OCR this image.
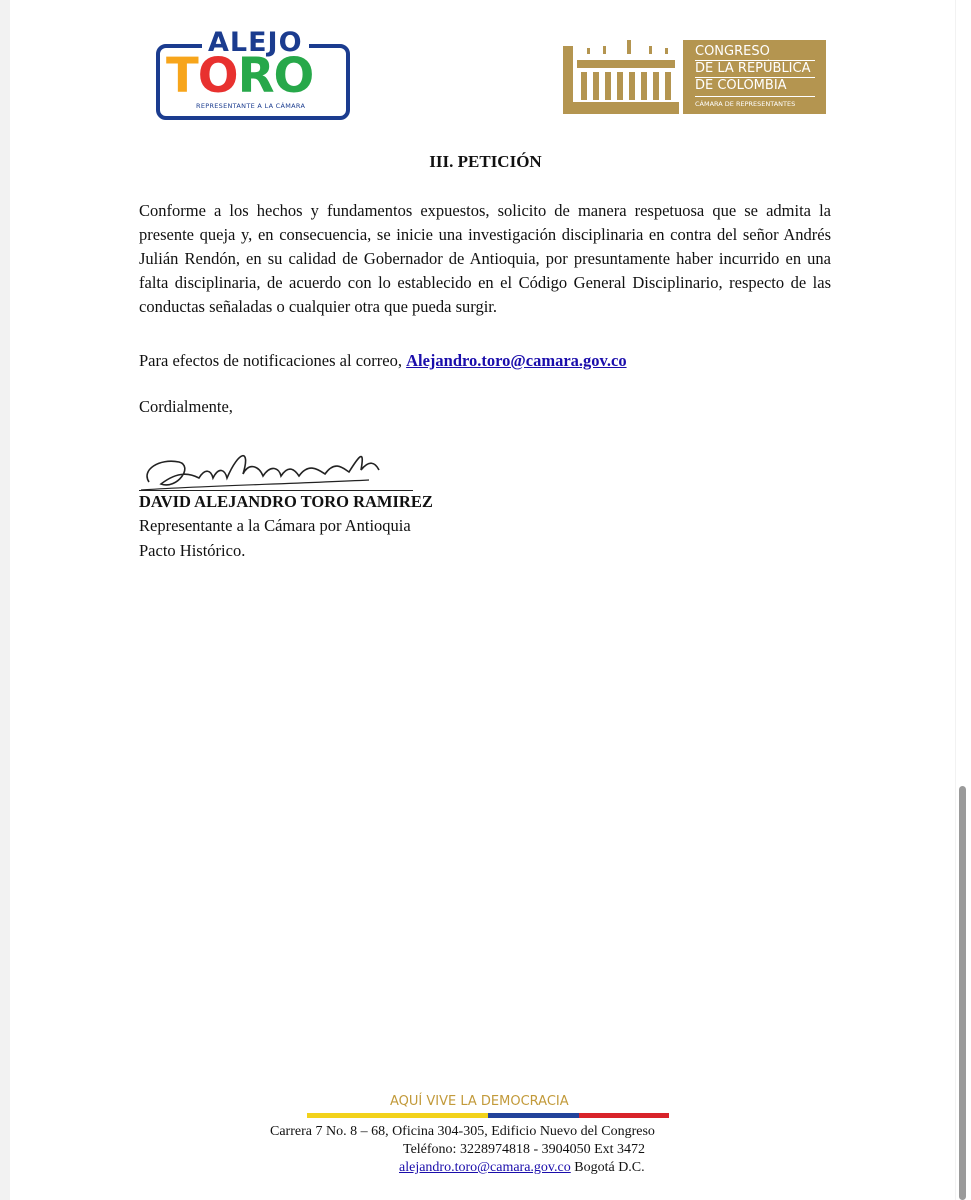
ALEJO
TORO
REPRESENTANTE A LA CÁMARA
CONGRESO
DE LA REPÚBLICA
DE COLOMBIA
CÁMARA DE REPRESENTANTES
III. PETICIÓN
Conforme a los hechos y fundamentos expuestos, solicito de manera respetuosa que se admita la presente queja y, en consecuencia, se inicie una investigación disciplinaria en contra del señor Andrés Julián Rendón, en su calidad de Gobernador de Antioquia, por presuntamente haber incurrido en una falta disciplinaria, de acuerdo con lo establecido en el Código General Disciplinario, respecto de las conductas señaladas o cualquier otra que pueda surgir.
Para efectos de notificaciones al correo, Alejandro.toro@camara.gov.co
Cordialmente,
DAVID ALEJANDRO TORO RAMIREZ
Representante a la Cámara por Antioquia
Pacto Histórico.
AQUÍ VIVE LA DEMOCRACIA
Carrera 7 No. 8 – 68, Oficina 304-305, Edificio Nuevo del Congreso
Teléfono: 3228974818 - 3904050 Ext 3472
alejandro.toro@camara.gov.co Bogotá D.C.
